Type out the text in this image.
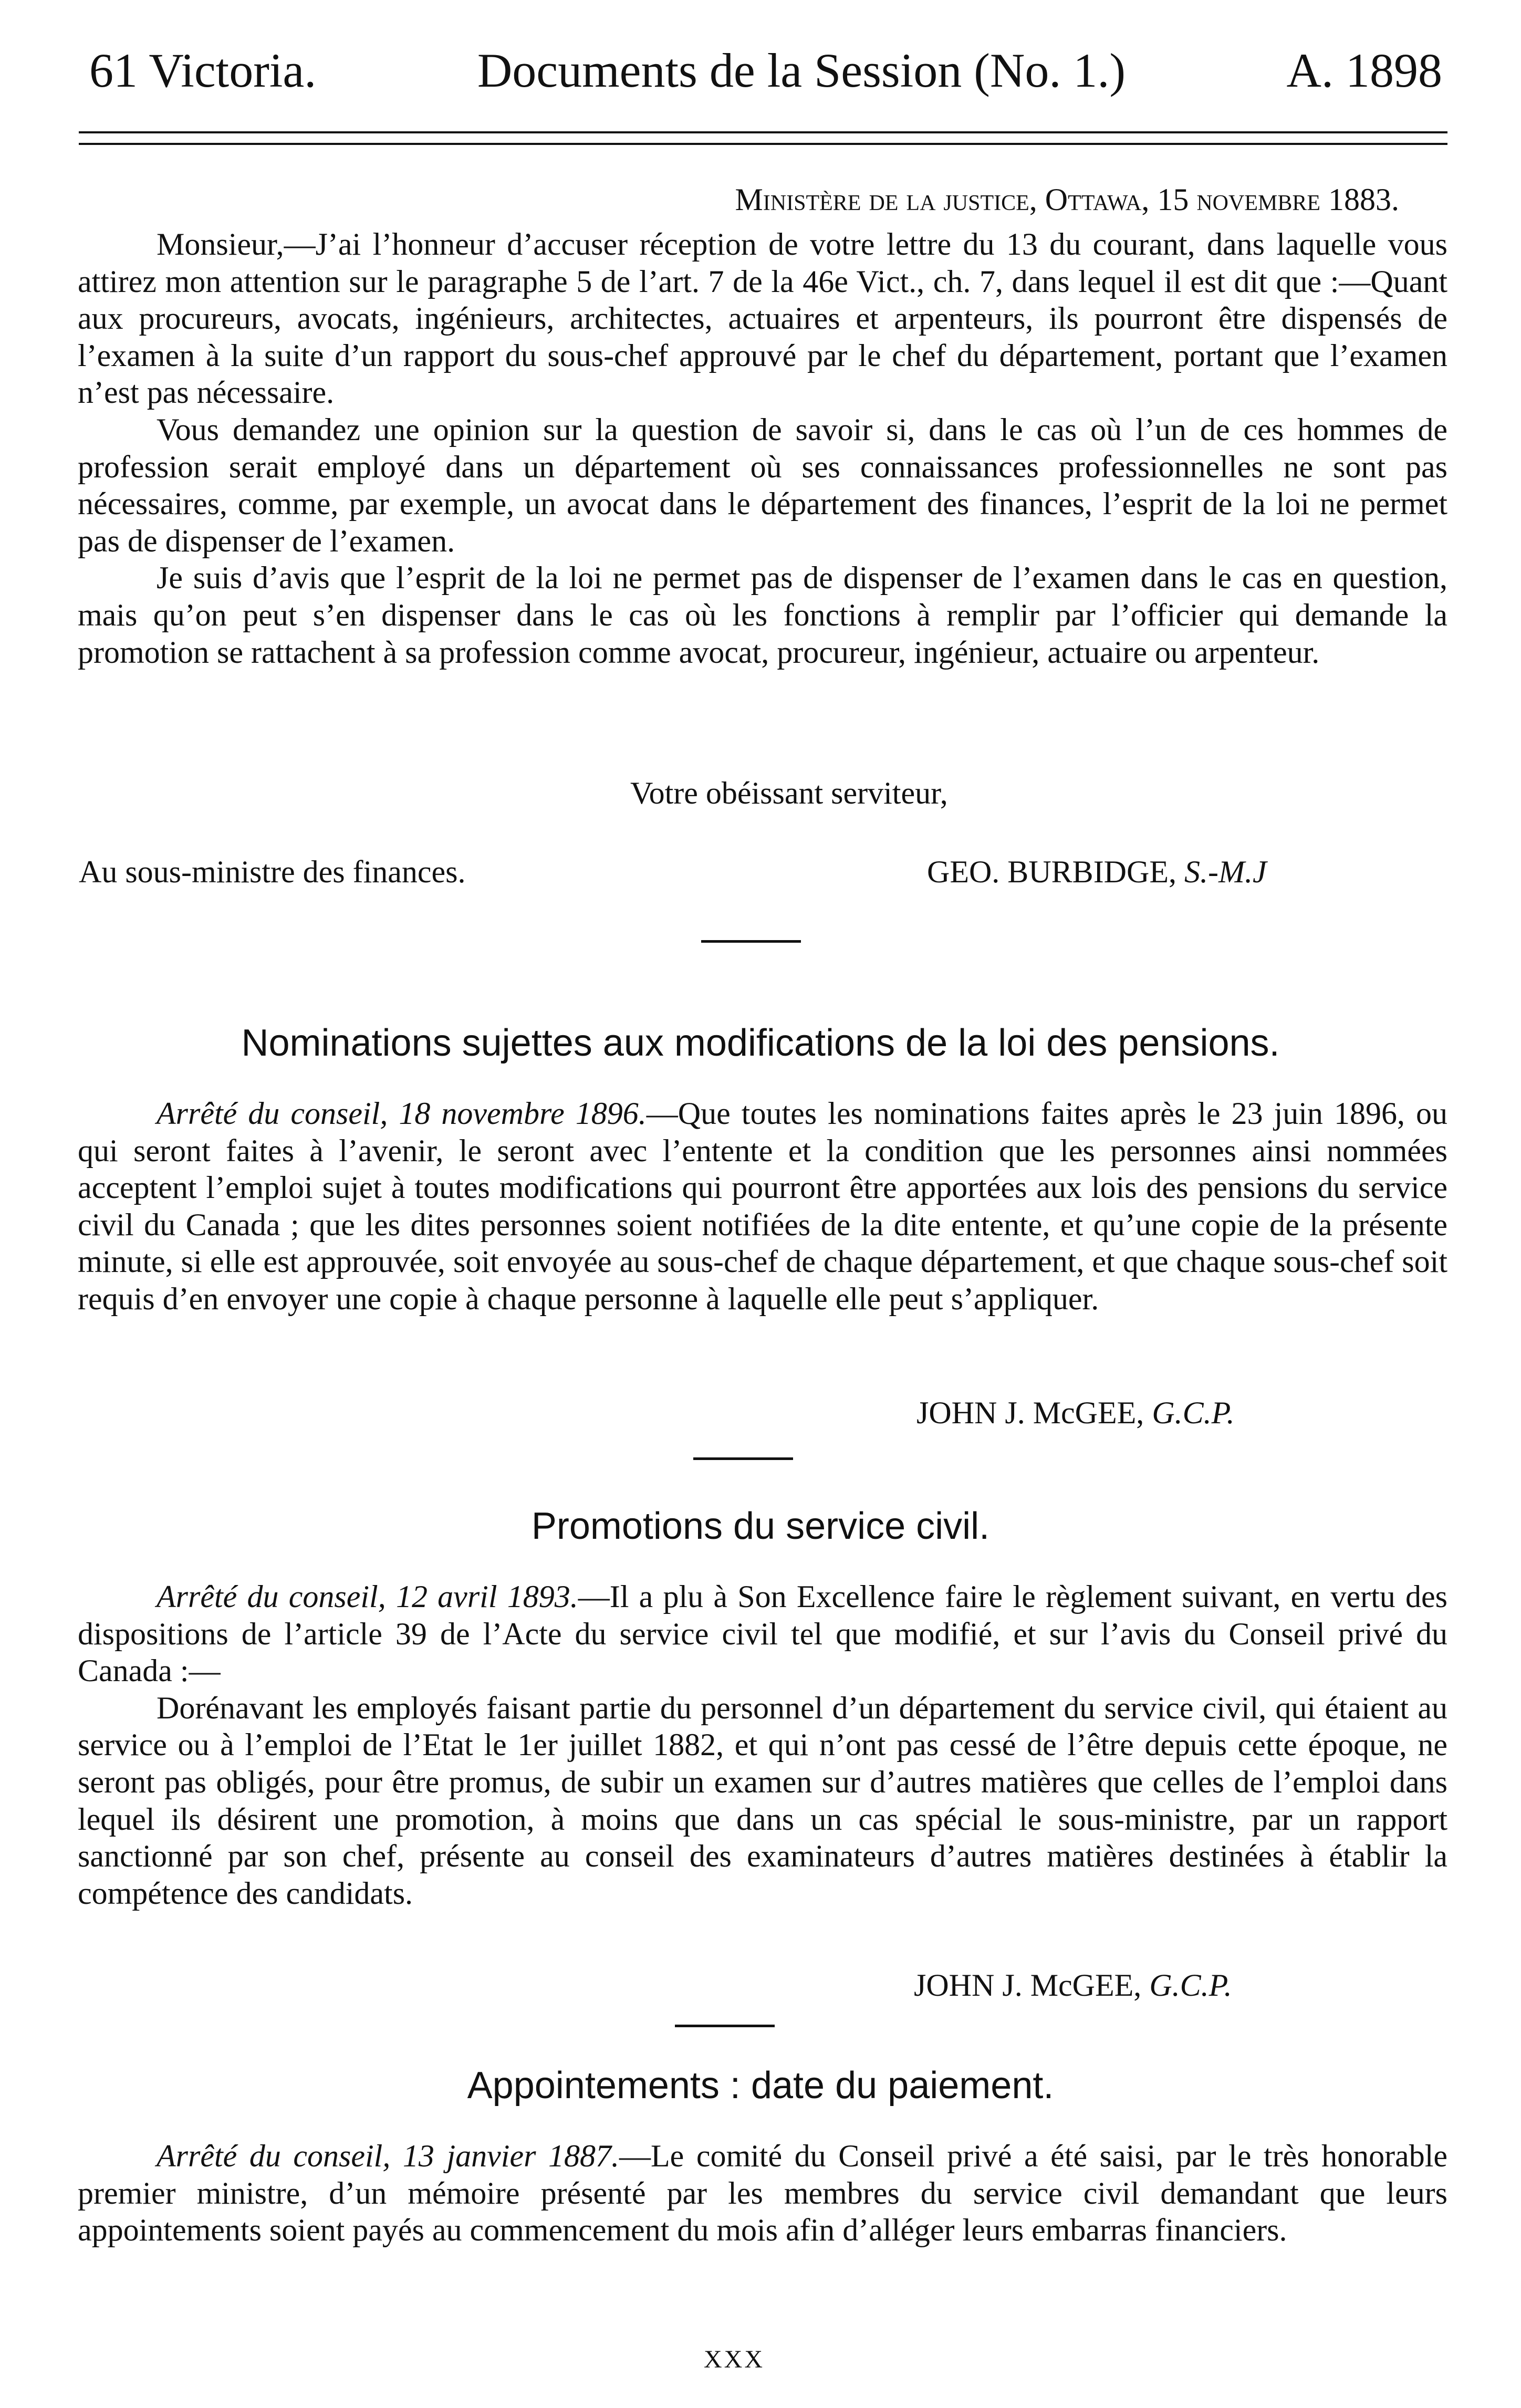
61 Victoria.	Documents de la Session (No. 1.)	A. 1898
Ministère de la justice, Ottawa, 15 novembre 1883.

Monsieur,—J’ai l’honneur d’accuser réception de votre lettre du 13 du courant, dans laquelle vous attirez mon attention sur le paragraphe 5 de l’art. 7 de la 46e Vict., ch. 7, dans lequel il est dit que :—Quant aux procureurs, avocats, ingénieurs, architectes, actuaires et arpenteurs, ils pourront être dispensés de l’examen à la suite d’un rapport du sous-chef approuvé par le chef du département, portant que l’examen n’est pas nécessaire.

Vous demandez une opinion sur la question de savoir si, dans le cas où l’un de ces hommes de profession serait employé dans un département où ses connaissances professionnelles ne sont pas nécessaires, comme, par exemple, un avocat dans le département des finances, l’esprit de la loi ne permet pas de dispenser de l’examen.

Je suis d’avis que l’esprit de la loi ne permet pas de dispenser de l’examen dans le cas en question, mais qu’on peut s’en dispenser dans le cas où les fonctions à remplir par l’officier qui demande la promotion se rattachent à sa profession comme avocat, procureur, ingénieur, actuaire ou arpenteur.

Votre obéissant serviteur,
Au sous-ministre des finances.	GEO. BURBIDGE, S.-M.J
Nominations sujettes aux modifications de la loi des pensions.

Arrêté du conseil, 18 novembre 1896.—Que toutes les nominations faites après le 23 juin 1896, ou qui seront faites à l’avenir, le seront avec l’entente et la condition que les personnes ainsi nommées acceptent l’emploi sujet à toutes modifications qui pourront être apportées aux lois des pensions du service civil du Canada ; que les dites personnes soient notifiées de la dite entente, et qu’une copie de la présente minute, si elle est approuvée, soit envoyée au sous-chef de chaque département, et que chaque sous-chef soit requis d’en envoyer une copie à chaque personne à laquelle elle peut s’appliquer.

JOHN J. McGEE, G.C.P.
Promotions du service civil.

Arrêté du conseil, 12 avril 1893.—Il a plu à Son Excellence faire le règlement suivant, en vertu des dispositions de l’article 39 de l’Acte du service civil tel que modifié, et sur l’avis du Conseil privé du Canada :—

Dorénavant les employés faisant partie du personnel d’un département du service civil, qui étaient au service ou à l’emploi de l’Etat le 1er juillet 1882, et qui n’ont pas cessé de l’être depuis cette époque, ne seront pas obligés, pour être promus, de subir un examen sur d’autres matières que celles de l’emploi dans lequel ils désirent une promotion, à moins que dans un cas spécial le sous-ministre, par un rapport sanctionné par son chef, présente au conseil des examinateurs d’autres matières destinées à établir la compétence des candidats.

JOHN J. McGEE, G.C.P.
Appointements : date du paiement.

Arrêté du conseil, 13 janvier 1887.—Le comité du Conseil privé a été saisi, par le très honorable premier ministre, d’un mémoire présenté par les membres du service civil demandant que leurs appointements soient payés au commencement du mois afin d’alléger leurs embarras financiers.

XXX
